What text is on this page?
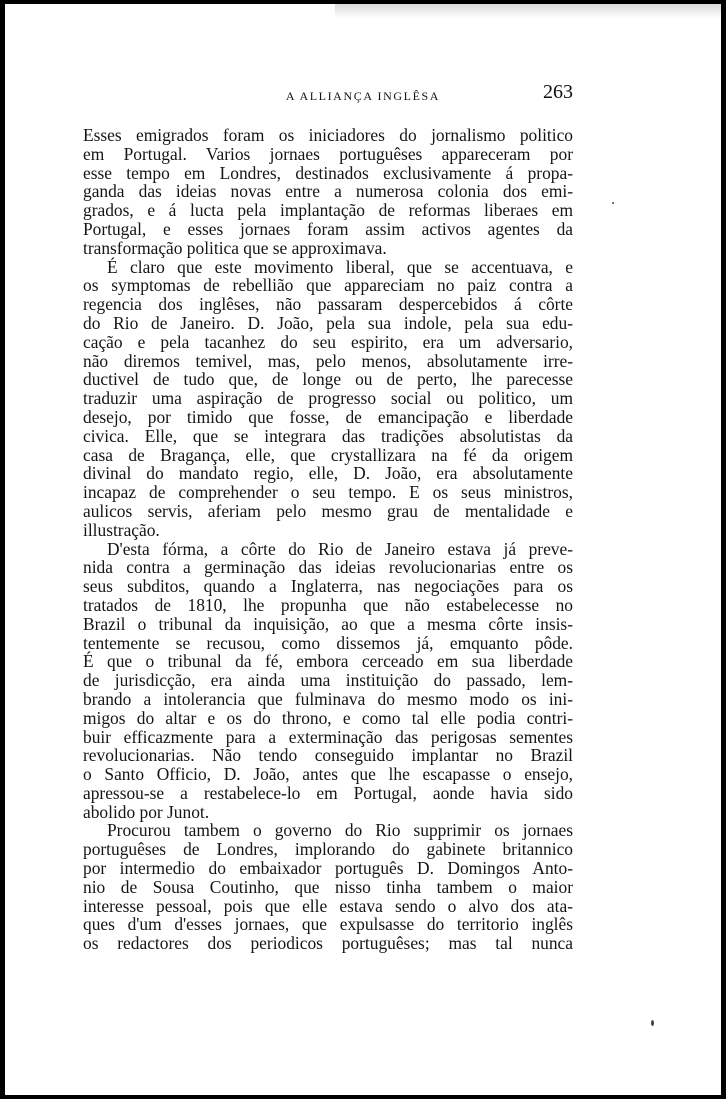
A ALLIANÇA INGLÊSA	263
Esses emigrados foram os iniciadores do jornalismo politico
em Portugal. Varios jornaes portuguêses appareceram por
esse tempo em Londres, destinados exclusivamente á propa-
ganda das ideias novas entre a numerosa colonia dos emi-
grados, e á lucta pela implantação de reformas liberaes em
Portugal, e esses jornaes foram assim activos agentes da
transformação politica que se approximava.
É claro que este movimento liberal, que se accentuava, e
os symptomas de rebellião que appareciam no paiz contra a
regencia dos inglêses, não passaram despercebidos á côrte
do Rio de Janeiro. D. João, pela sua indole, pela sua edu-
cação e pela tacanhez do seu espirito, era um adversario,
não diremos temivel, mas, pelo menos, absolutamente irre-
ductivel de tudo que, de longe ou de perto, lhe parecesse
traduzir uma aspiração de progresso social ou politico, um
desejo, por timido que fosse, de emancipação e liberdade
civica. Elle, que se integrara das tradições absolutistas da
casa de Bragança, elle, que crystallizara na fé da origem
divinal do mandato regio, elle, D. João, era absolutamente
incapaz de comprehender o seu tempo. E os seus ministros,
aulicos servis, aferiam pelo mesmo grau de mentalidade e
illustração.
D'esta fórma, a côrte do Rio de Janeiro estava já preve-
nida contra a germinação das ideias revolucionarias entre os
seus subditos, quando a Inglaterra, nas negociações para os
tratados de 1810, lhe propunha que não estabelecesse no
Brazil o tribunal da inquisição, ao que a mesma côrte insis-
tentemente se recusou, como dissemos já, emquanto pôde.
É que o tribunal da fé, embora cerceado em sua liberdade
de jurisdicção, era ainda uma instituição do passado, lem-
brando a intolerancia que fulminava do mesmo modo os ini-
migos do altar e os do throno, e como tal elle podia contri-
buir efficazmente para a exterminação das perigosas sementes
revolucionarias. Não tendo conseguido implantar no Brazil
o Santo Officio, D. João, antes que lhe escapasse o ensejo,
apressou-se a restabelece-lo em Portugal, aonde havia sido
abolido por Junot.
Procurou tambem o governo do Rio supprimir os jornaes
portuguêses de Londres, implorando do gabinete britannico
por intermedio do embaixador português D. Domingos Anto-
nio de Sousa Coutinho, que nisso tinha tambem o maior
interesse pessoal, pois que elle estava sendo o alvo dos ata-
ques d'um d'esses jornaes, que expulsasse do territorio inglês
os redactores dos periodicos portuguêses; mas tal nunca
